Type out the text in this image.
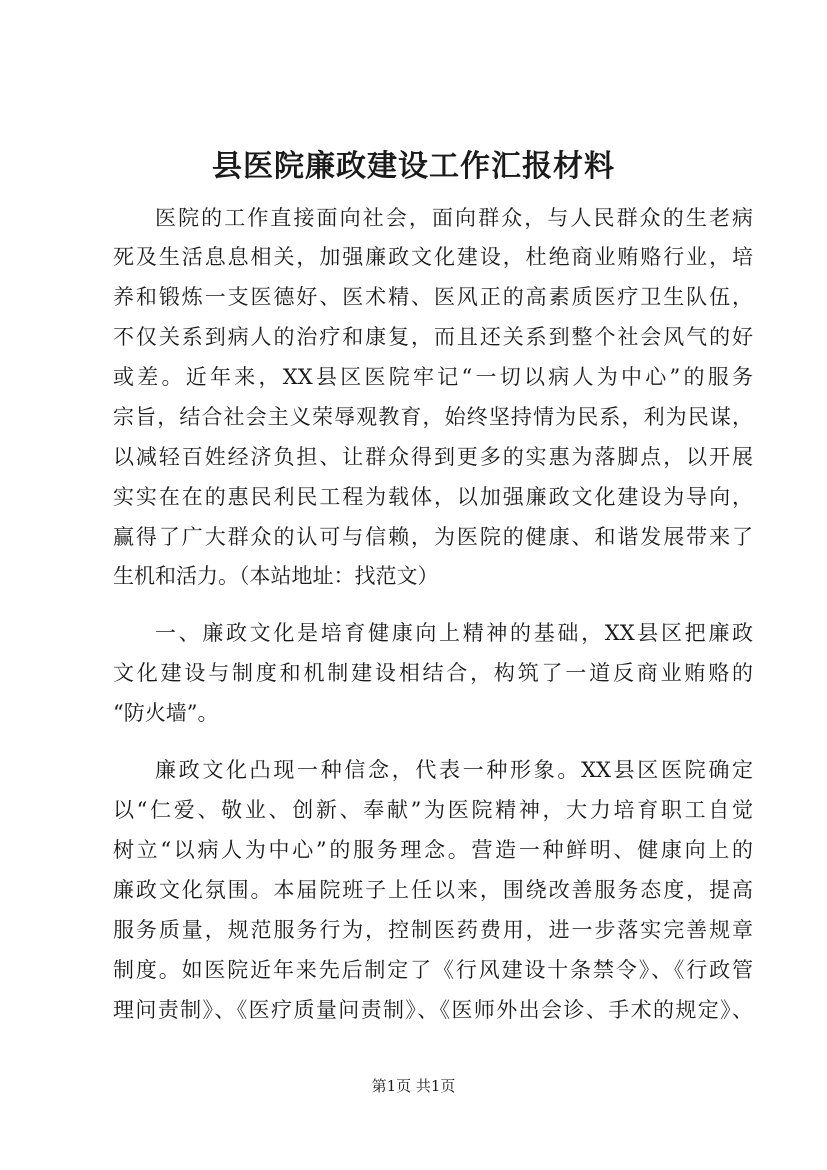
县医院廉政建设工作汇报材料
医院的工作直接面向社会，面向群众，与人民群众的生老病
死及生活息息相关，加强廉政文化建设，杜绝商业贿赂行业，培
养和锻炼一支医德好、医术精、医风正的高素质医疗卫生队伍，
不仅关系到病人的治疗和康复，而且还关系到整个社会风气的好
或差。近年来，XX县区医院牢记“一切以病人为中心”的服务
宗旨，结合社会主义荣辱观教育，始终坚持情为民系，利为民谋，
以减轻百姓经济负担、让群众得到更多的实惠为落脚点，以开展
实实在在的惠民利民工程为载体，以加强廉政文化建设为导向，
赢得了广大群众的认可与信赖，为医院的健康、和谐发展带来了
生机和活力。（本站地址：找范文）
一、廉政文化是培育健康向上精神的基础，XX县区把廉政
文化建设与制度和机制建设相结合，构筑了一道反商业贿赂的
“防火墙”。
廉政文化凸现一种信念，代表一种形象。XX县区医院确定
以“仁爱、敬业、创新、奉献”为医院精神，大力培育职工自觉
树立“以病人为中心”的服务理念。营造一种鲜明、健康向上的
廉政文化氛围。本届院班子上任以来，围绕改善服务态度，提高
服务质量，规范服务行为，控制医药费用，进一步落实完善规章
制度。如医院近年来先后制定了《行风建设十条禁令》、《行政管
理问责制》、《医疗质量问责制》、《医师外出会诊、手术的规定》、
第1页 共1页
